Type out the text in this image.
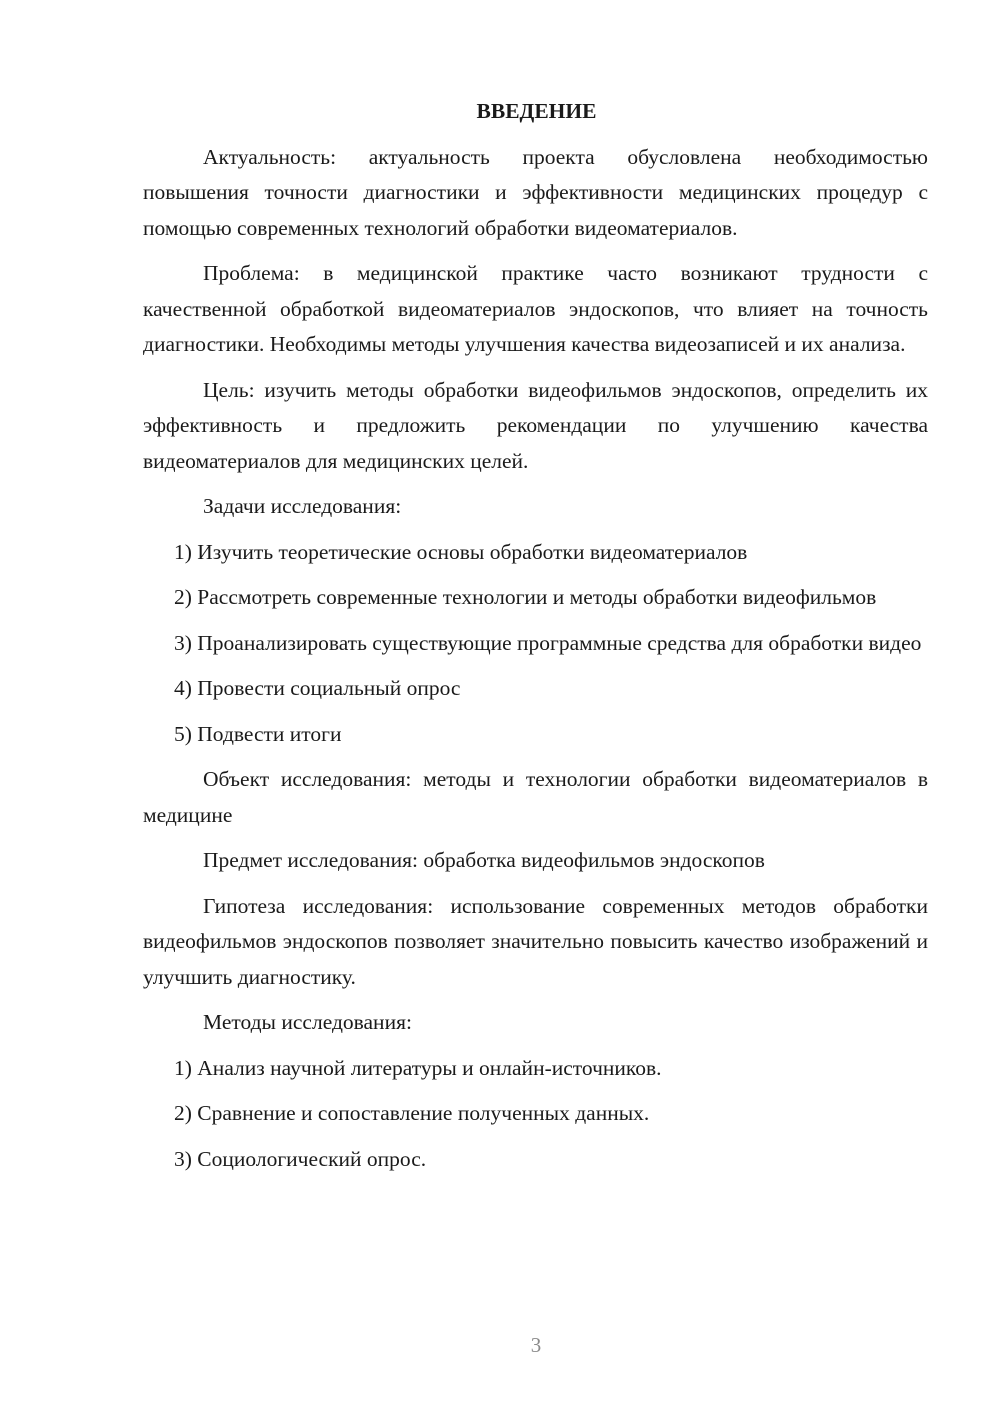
ВВЕДЕНИЕ

Актуальность: актуальность проекта обусловлена необходимостью повышения точности диагностики и эффективности медицинских процедур с помощью современных технологий обработки видеоматериалов.

Проблема: в медицинской практике часто возникают трудности с качественной обработкой видеоматериалов эндоскопов, что влияет на точность диагностики. Необходимы методы улучшения качества видеозаписей и их анализа.

Цель: изучить методы обработки видеофильмов эндоскопов, определить их эффективность и предложить рекомендации по улучшению качества видеоматериалов для медицинских целей.

Задачи исследования:

1) Изучить теоретические основы обработки видеоматериалов

2) Рассмотреть современные технологии и методы обработки видеофильмов

3) Проанализировать существующие программные средства для обработки видео

4) Провести социальный опрос

5) Подвести итоги

Объект исследования: методы и технологии обработки видеоматериалов в медицине

Предмет исследования: обработка видеофильмов эндоскопов

Гипотеза исследования: использование современных методов обработки видеофильмов эндоскопов позволяет значительно повысить качество изображений и улучшить диагностику.

Методы исследования:

1) Анализ научной литературы и онлайн-источников.

2) Сравнение и сопоставление полученных данных.

3) Социологический опрос.

3
